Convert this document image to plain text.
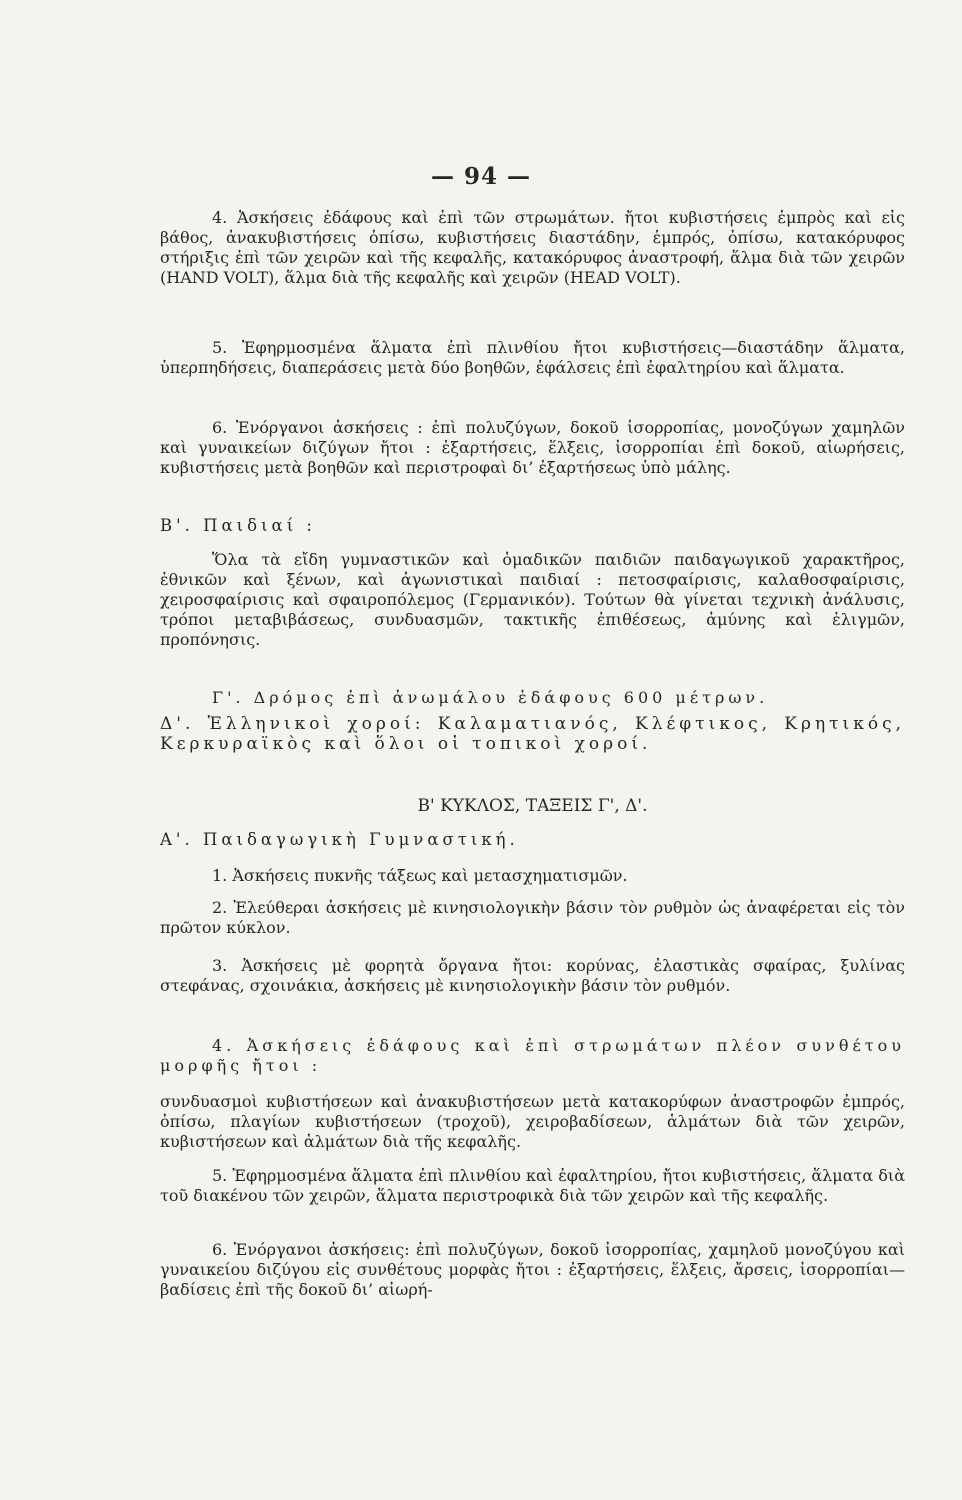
— 94 —
4. Ἀσκήσεις ἐδάφους καὶ ἐπὶ τῶν στρωμάτων. ἤτοι κυβιστήσεις ἐμπρὸς καὶ εἰς βάθος, ἀνακυβιστήσεις ὀπίσω, κυβιστήσεις διαστάδην, ἐμπρός, ὀπίσω, κατακόρυφος στήριξις ἐπὶ τῶν χειρῶν καὶ τῆς κεφαλῆς, κατακόρυφος ἀναστροφή, ἅλμα διὰ τῶν χειρῶν (HAND VOLT), ἅλμα διὰ τῆς κεφαλῆς καὶ χειρῶν (HEAD VOLT).
5. Ἐφηρμοσμένα ἅλματα ἐπὶ πλινθίου ἤτοι κυβιστήσεις—διαστάδην ἅλματα, ὑπερπηδήσεις, διαπεράσεις μετὰ δύο βοηθῶν, ἐφάλσεις ἐπὶ ἐφαλτηρίου καὶ ἅλματα.
6. Ἐνόργανοι ἀσκήσεις : ἐπὶ πολυζύγων, δοκοῦ ἰσορροπίας, μονοζύγων χαμηλῶν καὶ γυναικείων διζύγων ἤτοι : ἐξαρτήσεις, ἕλξεις, ἰσορροπίαι ἐπὶ δοκοῦ, αἰωρήσεις, κυβιστήσεις μετὰ βοηθῶν καὶ περιστροφαὶ δι’ ἐξαρτήσεως ὑπὸ μάλης.
Β'. Παιδιαί :
Ὅλα τὰ εἴδη γυμναστικῶν καὶ ὁμαδικῶν παιδιῶν παιδαγωγικοῦ χαρακτῆρος, ἐθνικῶν καὶ ξένων, καὶ ἀγωνιστικαὶ παιδιαί : πετοσφαίρισις, καλαθοσφαίρισις, χειροσφαίρισις καὶ σφαιροπόλεμος (Γερμανικόν). Τούτων θὰ γίνεται τεχνικὴ ἀνάλυσις, τρόποι μεταβιβάσεως, συνδυασμῶν, τακτικῆς ἐπιθέσεως, ἀμύνης καὶ ἑλιγμῶν, προπόνησις.
Γ'. Δρόμος ἐπὶ ἀνωμάλου ἐδάφους 600 μέτρων.
Δ'. Ἑλληνικοὶ χοροί: Καλαματιανός, Κλέφτικος, Κρητικός, Κερκυραϊκὸς καὶ ὅλοι οἱ τοπικοὶ χοροί.
Β' ΚΥΚΛΟΣ, ΤΑΞΕΙΣ Γ', Δ'.
Α'. Παιδαγωγικὴ Γυμναστική.
1. Ἀσκήσεις πυκνῆς τάξεως καὶ μετασχηματισμῶν.
2. Ἐλεύθεραι ἀσκήσεις μὲ κινησιολογικὴν βάσιν τὸν ρυθμὸν ὡς ἀναφέρεται εἰς τὸν πρῶτον κύκλον.
3. Ἀσκήσεις μὲ φορητὰ ὄργανα ἤτοι: κορύνας, ἐλαστικὰς σφαίρας, ξυλίνας στεφάνας, σχοινάκια, ἀσκήσεις μὲ κινησιολογικὴν βάσιν τὸν ρυθμόν.
4. Ἀσκήσεις ἐδάφους καὶ ἐπὶ στρωμάτων πλέον συνθέτου μορφῆς ἤτοι :
συνδυασμοὶ κυβιστήσεων καὶ ἀνακυβιστήσεων μετὰ κατακορύφων ἀναστροφῶν ἐμπρός, ὀπίσω, πλαγίων κυβιστήσεων (τροχοῦ), χειροβαδίσεων, ἁλμάτων διὰ τῶν χειρῶν, κυβιστήσεων καὶ ἁλμάτων διὰ τῆς κεφαλῆς.
5. Ἐφηρμοσμένα ἅλματα ἐπὶ πλινθίου καὶ ἐφαλτηρίου, ἤτοι κυβιστήσεις, ἅλματα διὰ τοῦ διακένου τῶν χειρῶν, ἅλματα περιστροφικὰ διὰ τῶν χειρῶν καὶ τῆς κεφαλῆς.
6. Ἐνόργανοι ἀσκήσεις: ἐπὶ πολυζύγων, δοκοῦ ἰσορροπίας, χαμηλοῦ μονοζύγου καὶ γυναικείου διζύγου εἰς συνθέτους μορφὰς ἤτοι : ἐξαρτήσεις, ἕλξεις, ἄρσεις, ἰσορροπίαι—βαδίσεις ἐπὶ τῆς δοκοῦ δι’ αἰωρή-
